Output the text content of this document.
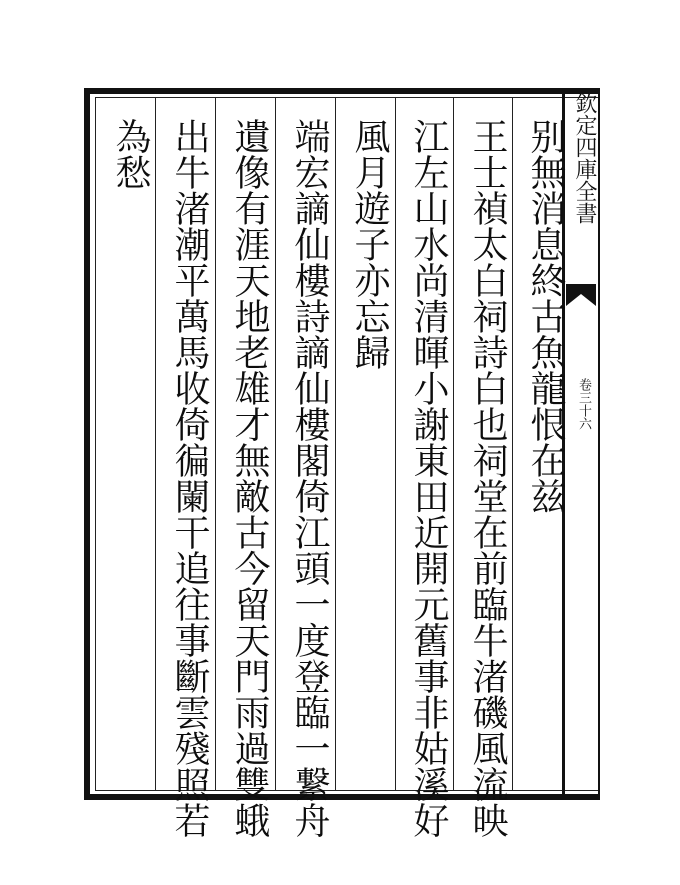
欽定四庫全書
卷三十六
别無消息終古魚龍恨在兹
王士禎太白祠詩白也祠堂在前臨牛渚磯風流映
江左山水尚清暉小謝東田近開元舊事非姑溪好
風月遊子亦忘歸
端宏謫仙樓詩謫仙樓閣倚江頭一度登臨一繋舟
遺像有涯天地老雄才無敵古今留天門雨過雙蛾
出牛渚潮平萬馬收倚徧闌干追往事斷雲殘照若
為愁
